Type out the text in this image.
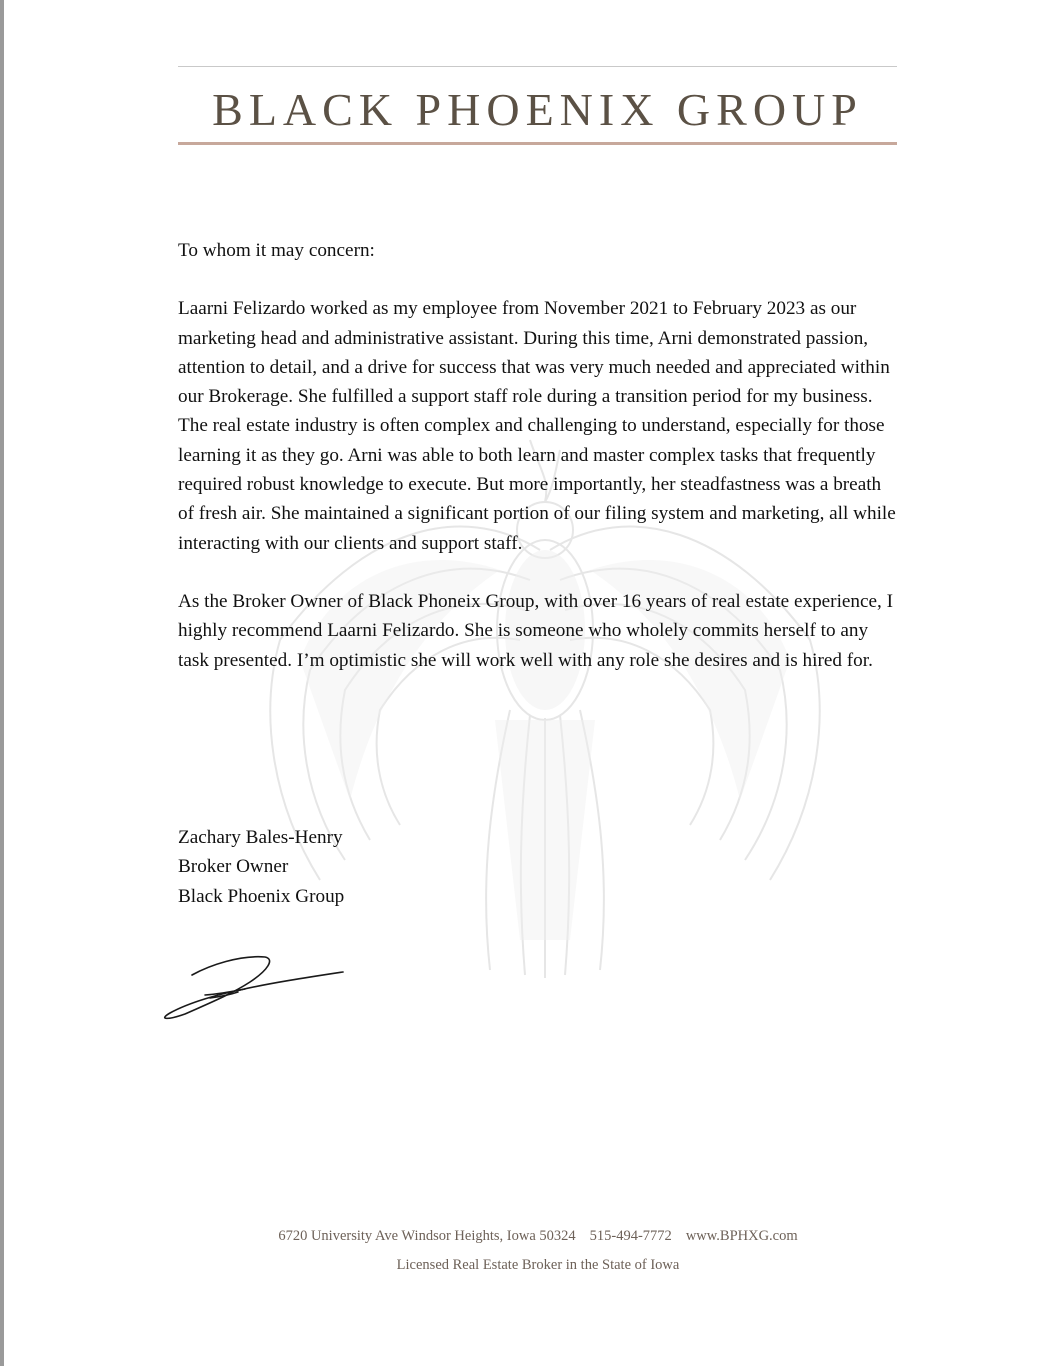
BLACK PHOENIX GROUP

To whom it may concern:

Laarni Felizardo worked as my employee from November 2021 to February 2023 as our marketing head and administrative assistant. During this time, Arni demonstrated passion, attention to detail, and a drive for success that was very much needed and appreciated within our Brokerage. She fulfilled a support staff role during a transition period for my business. The real estate industry is often complex and challenging to understand, especially for those learning it as they go. Arni was able to both learn and master complex tasks that frequently required robust knowledge to execute. But more importantly, her steadfastness was a breath of fresh air. She maintained a significant portion of our filing system and marketing, all while interacting with our clients and support staff.

As the Broker Owner of Black Phoneix Group, with over 16 years of real estate experience, I highly recommend Laarni Felizardo. She is someone who wholely commits herself to any task presented. I’m optimistic she will work well with any role she desires and is hired for.

Zachary Bales-Henry
Broker Owner
Black Phoenix Group
6720 University Ave Windsor Heights, Iowa 50324 515-494-7772 www.BPHXG.com
Licensed Real Estate Broker in the State of Iowa
